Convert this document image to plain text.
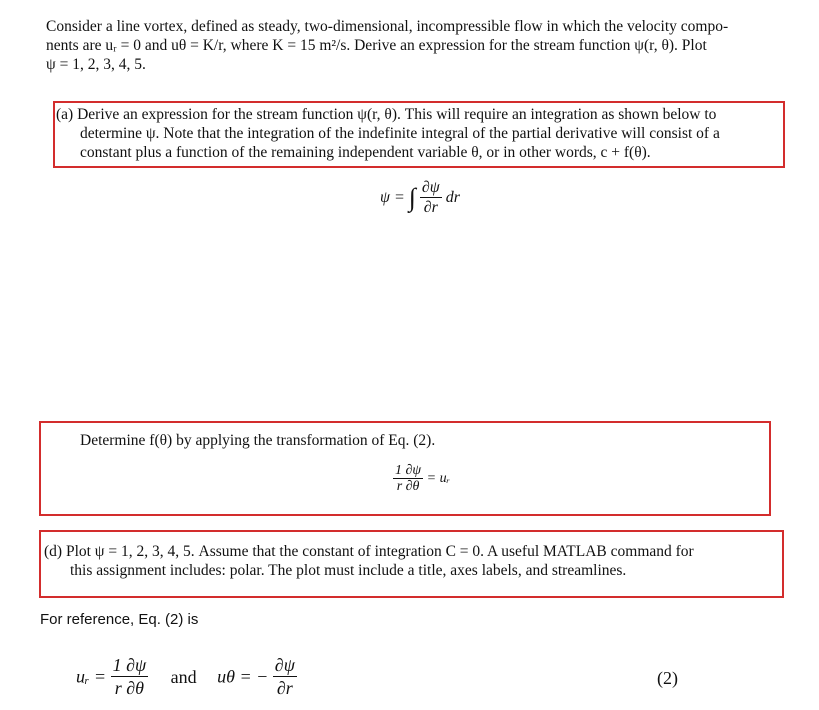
Consider a line vortex, defined as steady, two-dimensional, incompressible flow in which the velocity compo-
nents are uᵣ = 0 and uθ = K/r, where K = 15 m²/s. Derive an expression for the stream function ψ(r, θ). Plot
ψ = 1, 2, 3, 4, 5.
(a) Derive an expression for the stream function ψ(r, θ). This will require an integration as shown below to
determine ψ. Note that the integration of the indefinite integral of the partial derivative will consist of a
constant plus a function of the remaining independent variable θ, or in other words, c + f(θ).
ψ = ∫ $\frac{\partial\psi}{\partial r}$ dr
Determine f(θ) by applying the transformation of Eq. (2).
$\frac{1 \partial\psi}{r \partial\theta}$ = uᵣ
(d) Plot ψ = 1, 2, 3, 4, 5. Assume that the constant of integration C = 0. A useful MATLAB command for
this assignment includes: polar. The plot must include a title, axes labels, and streamlines.
For reference, Eq. (2) is
uᵣ = $\frac{1 \partial\psi}{r \partial\theta}$ and uθ = − $\frac{\partial\psi}{\partial r}$	(2)
